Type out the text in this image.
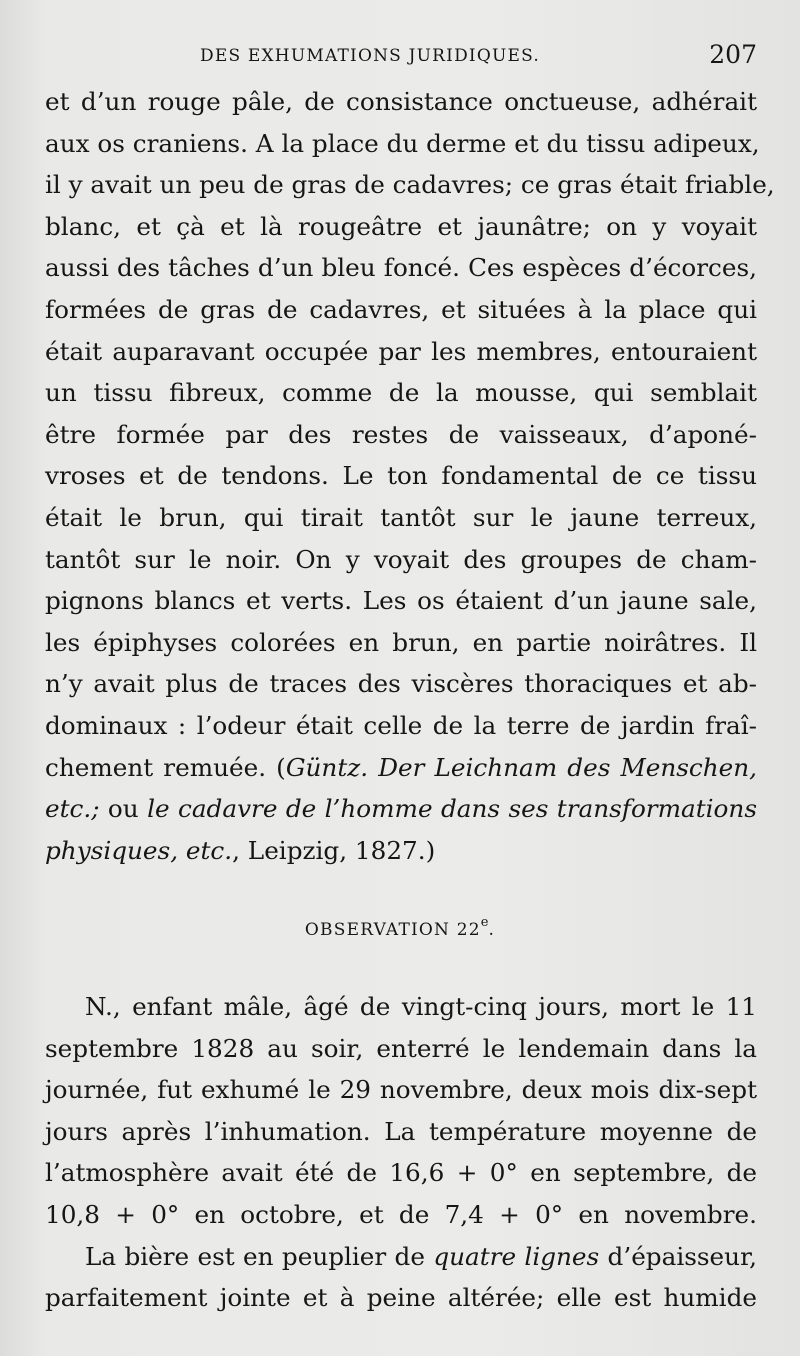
DES EXHUMATIONS JURIDIQUES.	207
et d’un rouge pâle, de consistance onctueuse, adhérait
aux os craniens. A la place du derme et du tissu adipeux,
il y avait un peu de gras de cadavres; ce gras était friable,
blanc, et çà et là rougeâtre et jaunâtre; on y voyait
aussi des tâches d’un bleu foncé. Ces espèces d’écorces,
formées de gras de cadavres, et situées à la place qui
était auparavant occupée par les membres, entouraient
un tissu fibreux, comme de la mousse, qui semblait
être formée par des restes de vaisseaux, d’aponé-
vroses et de tendons. Le ton fondamental de ce tissu
était le brun, qui tirait tantôt sur le jaune terreux,
tantôt sur le noir. On y voyait des groupes de cham-
pignons blancs et verts. Les os étaient d’un jaune sale,
les épiphyses colorées en brun, en partie noirâtres. Il
n’y avait plus de traces des viscères thoraciques et ab-
dominaux : l’odeur était celle de la terre de jardin fraî-
chement remuée. (Güntz. Der Leichnam des Menschen,
etc.; ou le cadavre de l’homme dans ses transformations
physiques, etc., Leipzig, 1827.)
OBSERVATION 22e.
N., enfant mâle, âgé de vingt-cinq jours, mort le 11
septembre 1828 au soir, enterré le lendemain dans la
journée, fut exhumé le 29 novembre, deux mois dix-sept
jours après l’inhumation. La température moyenne de
l’atmosphère avait été de 16,6 + 0° en septembre, de
10,8 + 0° en octobre, et de 7,4 + 0° en novembre.
La bière est en peuplier de quatre lignes d’épaisseur,
parfaitement jointe et à peine altérée; elle est humide
